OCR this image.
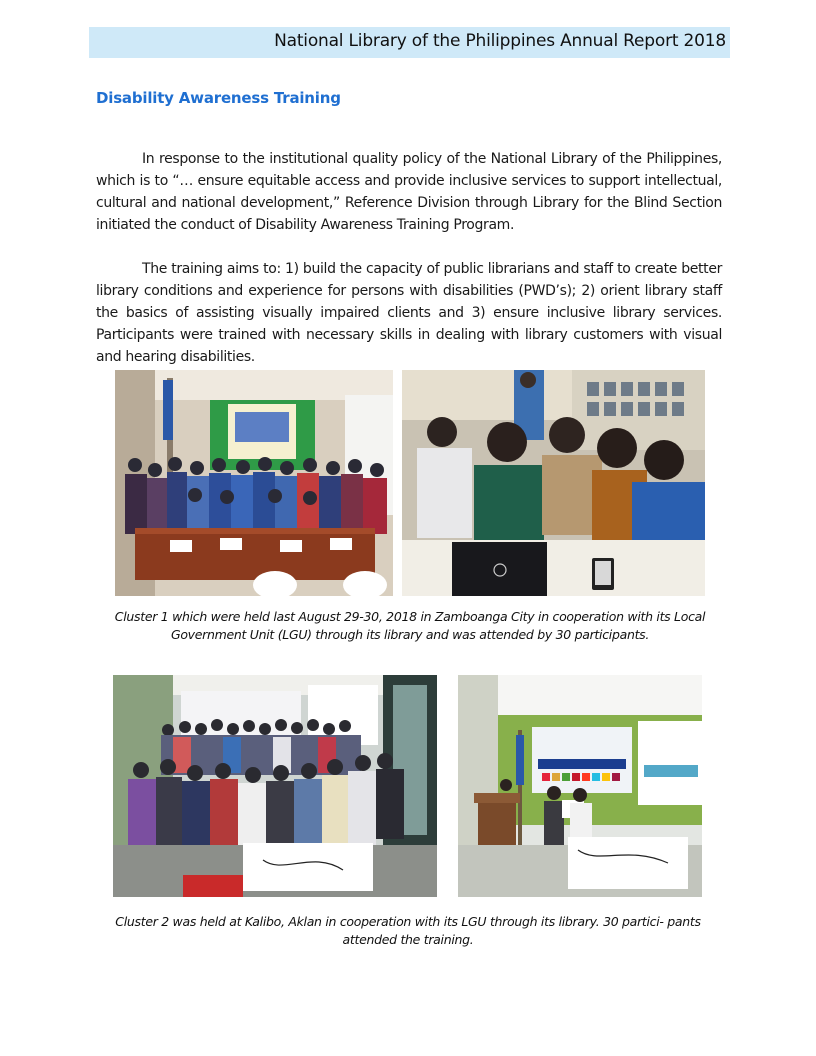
National Library of the Philippines Annual Report 2018
Disability Awareness Training

In response to the institutional quality policy of the National Library of the Philippines, which is to “… ensure equitable access and provide inclusive services to support intellectual, cultural and national development,” Reference Division through Library for the Blind Section initiated the conduct of Disability Awareness Training Program.

The training aims to: 1) build the capacity of public librarians and staff to create better library conditions and experience for persons with disabilities (PWD’s); 2) orient library staff the basics of assisting visually impaired clients and 3) ensure inclusive library services. Participants were trained with necessary skills in dealing with library customers with visual and hearing disabilities.

Cluster 1 which were held last August 29-30, 2018 in Zamboanga City in cooperation with its Local Government Unit (LGU) through its library and was attended by 30 participants.

Cluster 2 was held at Kalibo, Aklan in cooperation with its LGU through its library. 30 partici- pants attended the training.
